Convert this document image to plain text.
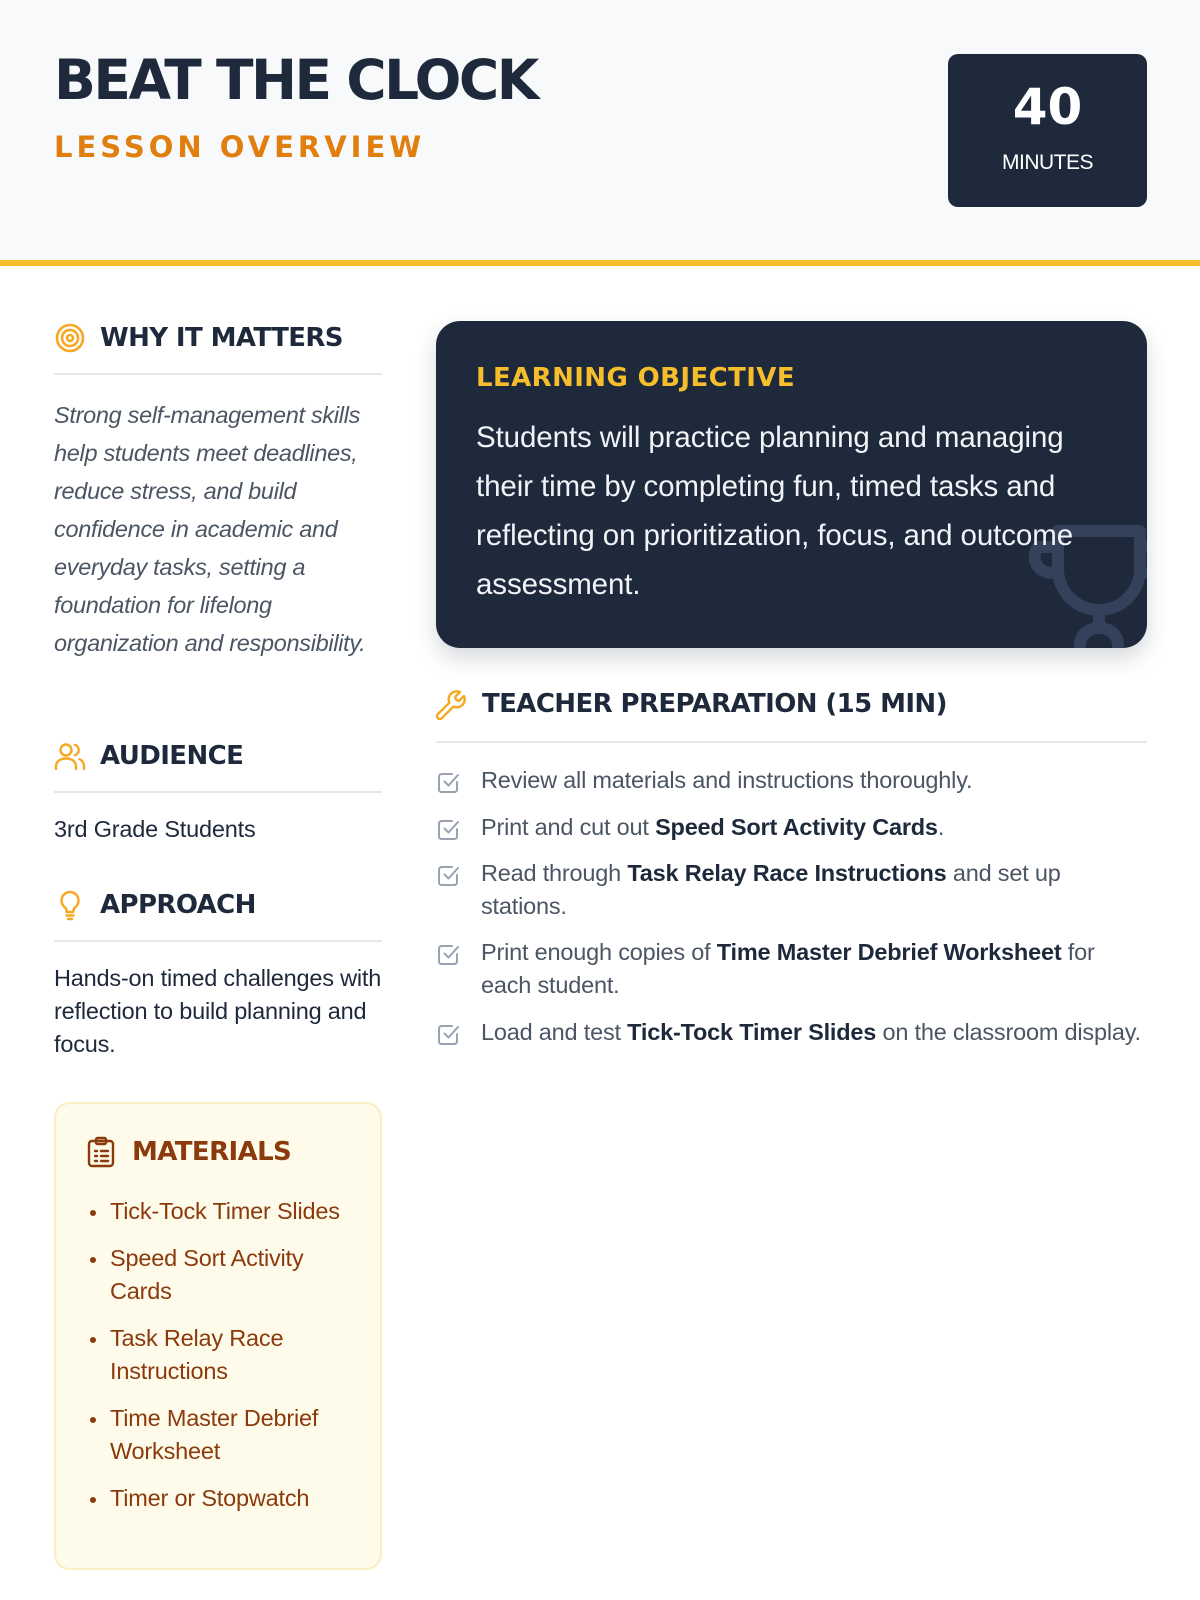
BEAT THE CLOCK
LESSON OVERVIEW
40
MINUTES
WHY IT MATTERS
Strong self-management skills help students meet deadlines, reduce stress, and build confidence in academic and everyday tasks, setting a foundation for lifelong organization and responsibility.
AUDIENCE
3rd Grade Students
APPROACH
Hands-on timed challenges with reflection to build planning and focus.
MATERIALS
Tick-Tock Timer Slides
Speed Sort Activity Cards
Task Relay Race Instructions
Time Master Debrief Worksheet
Timer or Stopwatch
LEARNING OBJECTIVE
Students will practice planning and managing their time by completing fun, timed tasks and reflecting on prioritization, focus, and outcome assessment.
TEACHER PREPARATION (15 MIN)
Review all materials and instructions thoroughly.
Print and cut out Speed Sort Activity Cards.
Read through Task Relay Race Instructions and set up stations.
Print enough copies of Time Master Debrief Worksheet for each student.
Load and test Tick-Tock Timer Slides on the classroom display.
